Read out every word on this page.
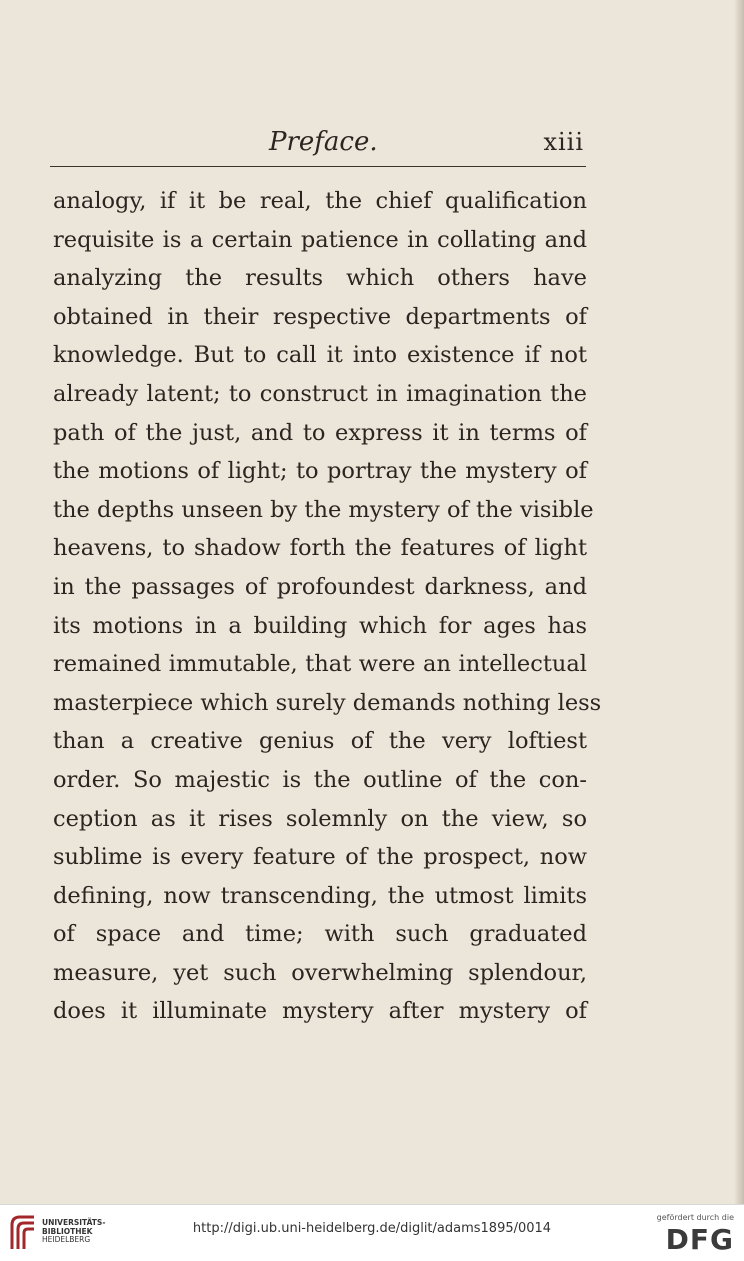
Preface.	xiii
analogy, if it be real, the chief qualification
requisite is a certain patience in collating and
analyzing the results which others have
obtained in their respective departments of
knowledge. But to call it into existence if not
already latent; to construct in imagination the
path of the just, and to express it in terms of
the motions of light; to portray the mystery of
the depths unseen by the mystery of the visible
heavens, to shadow forth the features of light
in the passages of profoundest darkness, and
its motions in a building which for ages has
remained immutable, that were an intellectual
masterpiece which surely demands nothing less
than a creative genius of the very loftiest
order. So majestic is the outline of the con-
ception as it rises solemnly on the view, so
sublime is every feature of the prospect, now
defining, now transcending, the utmost limits
of space and time; with such graduated
measure, yet such overwhelming splendour,
does it illuminate mystery after mystery of
UNIVERSITÄTS-
BIBLIOTHEK
HEIDELBERG
http://digi.ub.uni-heidelberg.de/diglit/adams1895/0014
gefördert durch die
DFG
